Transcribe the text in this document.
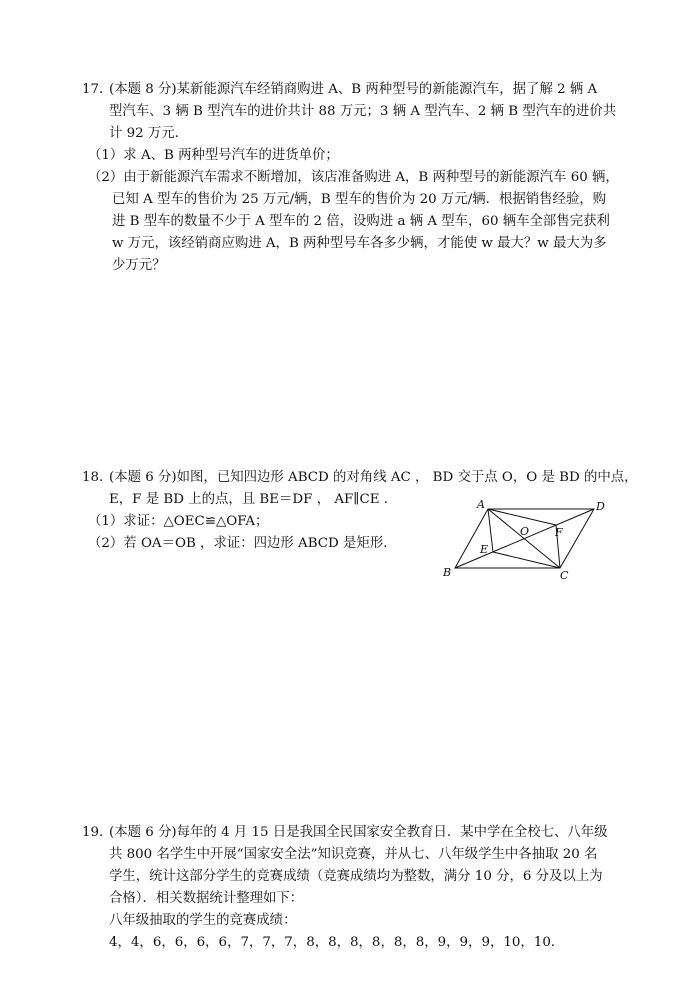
17．(本题 8 分)某新能源汽车经销商购进 A、B 两种型号的新能源汽车，据了解 2 辆 A
型汽车、3 辆 B 型汽车的进价共计 88 万元；3 辆 A 型汽车、2 辆 B 型汽车的进价共
计 92 万元．
（1）求 A、B 两种型号汽车的进货单价；
（2）由于新能源汽车需求不断增加，该店准备购进 A，B 两种型号的新能源汽车 60 辆，
已知 A 型车的售价为 25 万元/辆，B 型车的售价为 20 万元/辆．根据销售经验，购
进 B 型车的数量不少于 A 型车的 2 倍，设购进 a 辆 A 型车，60 辆车全部售完获利
w 万元，该经销商应购进 A，B 两种型号车各多少辆，才能使 w 最大？w 最大为多
少万元？
18．(本题 6 分)如图，已知四边形 ABCD 的对角线 AC ， BD 交于点 O，O 是 BD 的中点，
E，F 是 BD 上的点，且 BE＝DF ， AF∥CE .
（1）求证：△OEC≌△OFA；
（2）若 OA＝OB ，求证：四边形 ABCD 是矩形．
A	D
O F
E
B	C
19．(本题 6 分)每年的 4 月 15 日是我国全民国家安全教育日．某中学在全校七、八年级
共 800 名学生中开展“国家安全法”知识竞赛，并从七、八年级学生中各抽取 20 名
学生，统计这部分学生的竞赛成绩（竞赛成绩均为整数，满分 10 分，6 分及以上为
合格）．相关数据统计整理如下：
八年级抽取的学生的竞赛成绩：
4，4，6，6，6，6，7，7，7，8，8，8，8，8，8，9，9，9，10，10．
